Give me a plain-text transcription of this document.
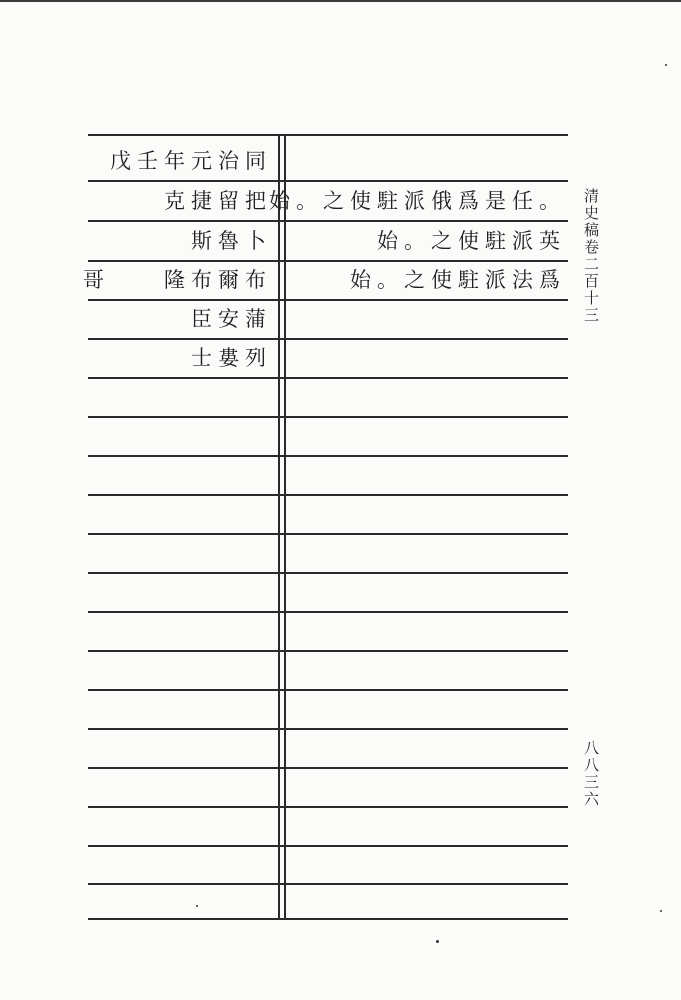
戊壬年元治同
克捷留把
斯魯卜
哥　　隆布爾布
臣安蒲
士婁列
始。之使駐派俄爲是任。
始。之使駐派英
始。之使駐派法爲 清史稿卷二百十三
八八三六
